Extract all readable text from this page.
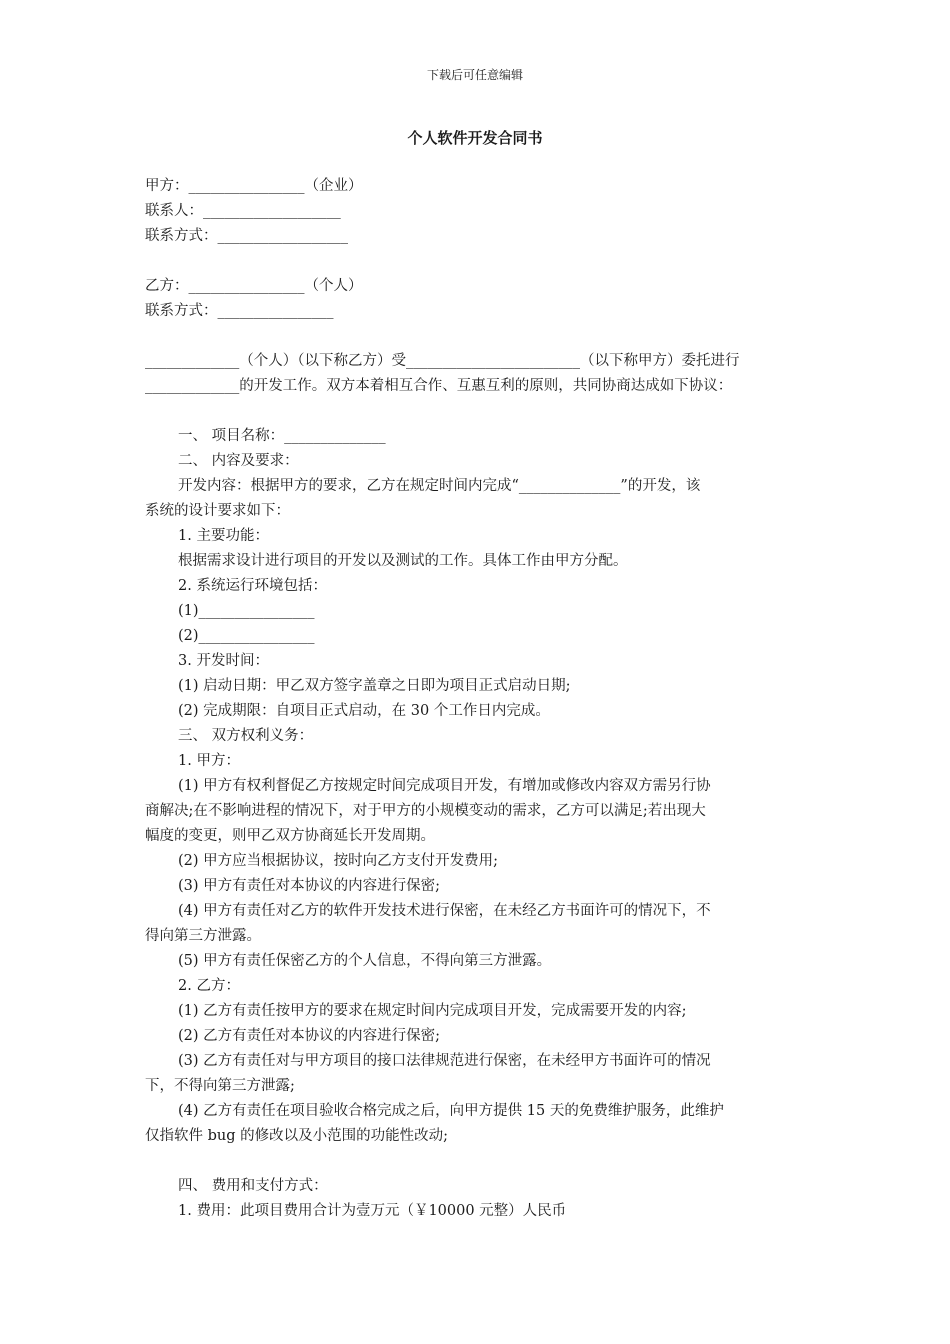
下载后可任意编辑
个人软件开发合同书
甲方：________________（企业）
联系人：___________________
联系方式：__________________
乙方：________________（个人）
联系方式：________________
_____________（个人）（以下称乙方）受________________________（以下称甲方）委托进行
_____________的开发工作。双方本着相互合作、互惠互利的原则，共同协商达成如下协议：
一、 项目名称：______________
二、 内容及要求：
开发内容：根据甲方的要求，乙方在规定时间内完成“______________”的开发，该
系统的设计要求如下：
1. 主要功能：
根据需求设计进行项目的开发以及测试的工作。具体工作由甲方分配。
2. 系统运行环境包括：
(1)________________
(2)________________
3. 开发时间：
(1) 启动日期：甲乙双方签字盖章之日即为项目正式启动日期;
(2) 完成期限：自项目正式启动，在 30 个工作日内完成。
三、 双方权利义务：
1. 甲方：
(1) 甲方有权利督促乙方按规定时间完成项目开发，有增加或修改内容双方需另行协
商解决;在不影响进程的情况下，对于甲方的小规模变动的需求，乙方可以满足;若出现大
幅度的变更，则甲乙双方协商延长开发周期。
(2) 甲方应当根据协议，按时向乙方支付开发费用;
(3) 甲方有责任对本协议的内容进行保密;
(4) 甲方有责任对乙方的软件开发技术进行保密，在未经乙方书面许可的情况下，不
得向第三方泄露。
(5) 甲方有责任保密乙方的个人信息，不得向第三方泄露。
2. 乙方：
(1) 乙方有责任按甲方的要求在规定时间内完成项目开发，完成需要开发的内容;
(2) 乙方有责任对本协议的内容进行保密;
(3) 乙方有责任对与甲方项目的接口法律规范进行保密，在未经甲方书面许可的情况
下，不得向第三方泄露;
(4) 乙方有责任在项目验收合格完成之后，向甲方提供 15 天的免费维护服务，此维护
仅指软件 bug 的修改以及小范围的功能性改动;
四、 费用和支付方式：
1. 费用：此项目费用合计为壹万元（￥10000 元整）人民币
